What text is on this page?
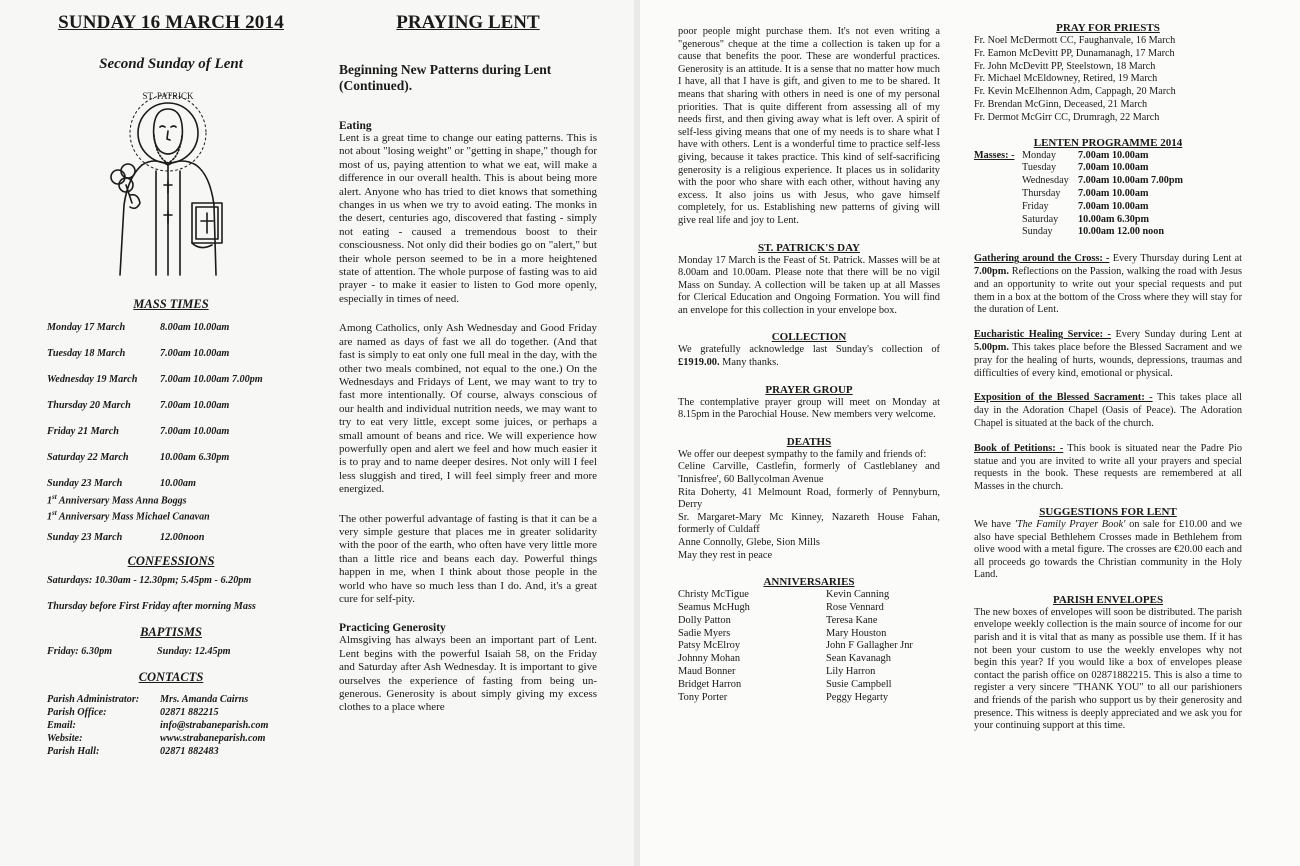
SUNDAY 16 MARCH 2014
Second Sunday of Lent
ST. PATRICK
MASS TIMES
Monday 17 March	8.00am 10.00am
Tuesday 18 March	7.00am 10.00am
Wednesday 19 March	7.00am 10.00am 7.00pm
Thursday 20 March	7.00am 10.00am
Friday 21 March	7.00am 10.00am
Saturday 22 March	10.00am 6.30pm
Sunday 23 March	10.00am
1st Anniversary Mass Anna Boggs
1st Anniversary Mass Michael Canavan
Sunday 23 March	12.00noon
CONFESSIONS
Saturdays: 10.30am - 12.30pm; 5.45pm - 6.20pm
Thursday before First Friday after morning Mass
BAPTISMS
Friday: 6.30pm	Sunday: 12.45pm
CONTACTS
Parish Administrator:	Mrs. Amanda Cairns
Parish Office:	02871 882215
Email:	info@strabaneparish.com
Website:	www.strabaneparish.com
Parish Hall:	02871 882483
PRAYING LENT
Beginning New Patterns during Lent (Continued).
Eating
Lent is a great time to change our eating patterns. This is not about "losing weight" or "getting in shape," though for most of us, paying attention to what we eat, will make a difference in our overall health. This is about being more alert. Anyone who has tried to diet knows that something changes in us when we try to avoid eating. The monks in the desert, centuries ago, discovered that fasting - simply not eating - caused a tremendous boost to their consciousness. Not only did their bodies go on "alert," but their whole person seemed to be in a more heightened state of attention. The whole purpose of fasting was to aid prayer - to make it easier to listen to God more openly, especially in times of need.
Among Catholics, only Ash Wednesday and Good Friday are named as days of fast we all do together. (And that fast is simply to eat only one full meal in the day, with the other two meals combined, not equal to the one.) On the Wednesdays and Fridays of Lent, we may want to try to fast more intentionally. Of course, always conscious of our health and individual nutrition needs, we may want to try to eat very little, except some juices, or perhaps a small amount of beans and rice. We will experience how powerfully open and alert we feel and how much easier it is to pray and to name deeper desires. Not only will I feel less sluggish and tired, I will feel simply freer and more energized.
The other powerful advantage of fasting is that it can be a very simple gesture that places me in greater solidarity with the poor of the earth, who often have very little more than a little rice and beans each day. Powerful things happen in me, when I think about those people in the world who have so much less than I do. And, it's a great cure for self-pity.
Practicing Generosity
Almsgiving has always been an important part of Lent. Lent begins with the powerful Isaiah 58, on the Friday and Saturday after Ash Wednesday. It is important to give ourselves the experience of fasting from being un-generous. Generosity is about simply giving my excess clothes to a place where
poor people might purchase them. It's not even writing a "generous" cheque at the time a collection is taken up for a cause that benefits the poor. These are wonderful practices. Generosity is an attitude. It is a sense that no matter how much I have, all that I have is gift, and given to me to be shared. It means that sharing with others in need is one of my personal priorities. That is quite different from assessing all of my needs first, and then giving away what is left over. A spirit of self-less giving means that one of my needs is to share what I have with others. Lent is a wonderful time to practice self-less giving, because it takes practice. This kind of self-sacrificing generosity is a religious experience. It places us in solidarity with the poor who share with each other, without having any excess. It also joins us with Jesus, who gave himself completely, for us. Establishing new patterns of giving will give real life and joy to Lent.
ST. PATRICK'S DAY
Monday 17 March is the Feast of St. Patrick. Masses will be at 8.00am and 10.00am. Please note that there will be no vigil Mass on Sunday. A collection will be taken up at all Masses for Clerical Education and Ongoing Formation. You will find an envelope for this collection in your envelope box.
COLLECTION
We gratefully acknowledge last Sunday's collection of £1919.00. Many thanks.
PRAYER GROUP
The contemplative prayer group will meet on Monday at 8.15pm in the Parochial House. New members very welcome.
DEATHS
We offer our deepest sympathy to the family and friends of:
Celine Carville, Castlefin, formerly of Castleblaney and 'Innisfree', 60 Ballycolman Avenue
Rita Doherty, 41 Melmount Road, formerly of Pennyburn, Derry
Sr. Margaret-Mary Mc Kinney, Nazareth House Fahan, formerly of Culdaff
Anne Connolly, Glebe, Sion Mills
May they rest in peace
ANNIVERSARIES
Christy McTigue
Seamus McHugh
Dolly Patton
Sadie Myers
Patsy McElroy
Johnny Mohan
Maud Bonner
Bridget Harron
Tony Porter
Kevin Canning
Rose Vennard
Teresa Kane
Mary Houston
John F Gallagher Jnr
Sean Kavanagh
Lily Harron
Susie Campbell
Peggy Hegarty
PRAY FOR PRIESTS
Fr. Noel McDermott CC, Faughanvale, 16 March
Fr. Eamon McDevitt PP, Dunamanagh, 17 March
Fr. John McDevitt PP, Steelstown, 18 March
Fr. Michael McEldowney, Retired, 19 March
Fr. Kevin McElhennon Adm, Cappagh, 20 March
Fr. Brendan McGinn, Deceased, 21 March
Fr. Dermot McGirr CC, Drumragh, 22 March
LENTEN PROGRAMME 2014
Masses: - Monday	7.00am 10.00am
Tuesday	7.00am 10.00am
Wednesday 7.00am 10.00am 7.00pm
Thursday	7.00am 10.00am
Friday	7.00am 10.00am
Saturday	10.00am 6.30pm
Sunday	10.00am 12.00 noon
Gathering around the Cross: - Every Thursday during Lent at 7.00pm. Reflections on the Passion, walking the road with Jesus and an opportunity to write out your special requests and put them in a box at the bottom of the Cross where they will stay for the duration of Lent.
Eucharistic Healing Service: - Every Sunday during Lent at 5.00pm. This takes place before the Blessed Sacrament and we pray for the healing of hurts, wounds, depressions, traumas and difficulties of every kind, emotional or physical.
Exposition of the Blessed Sacrament: - This takes place all day in the Adoration Chapel (Oasis of Peace). The Adoration Chapel is situated at the back of the church.
Book of Petitions: - This book is situated near the Padre Pio statue and you are invited to write all your prayers and special requests in the book. These requests are remembered at all Masses in the church.
SUGGESTIONS FOR LENT
We have 'The Family Prayer Book' on sale for £10.00 and we also have special Bethlehem Crosses made in Bethlehem from olive wood with a metal figure. The crosses are €20.00 each and all proceeds go towards the Christian community in the Holy Land.
PARISH ENVELOPES
The new boxes of envelopes will soon be distributed. The parish envelope weekly collection is the main source of income for our parish and it is vital that as many as possible use them. If it has not been your custom to use the weekly envelopes why not begin this year? If you would like a box of envelopes please contact the parish office on 02871882215. This is also a time to register a very sincere "THANK YOU" to all our parishioners and friends of the parish who support us by their generosity and presence. This witness is deeply appreciated and we ask you for your continuing support at this time.
